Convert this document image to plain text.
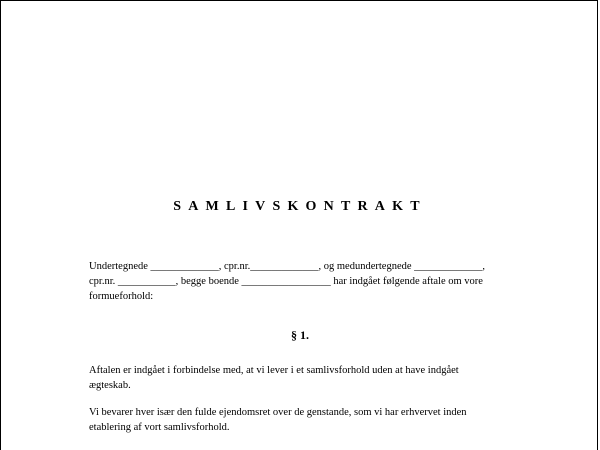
SAMLIVSKONTRAKT

Undertegnede _____________, cpr.nr._____________, og medundertegnede _____________,
cpr.nr. ___________, begge boende _________________ har indgået følgende aftale om vore
formueforhold:

§ 1.

Aftalen er indgået i forbindelse med, at vi lever i et samlivsforhold uden at have indgået
ægteskab.

Vi bevarer hver især den fulde ejendomsret over de genstande, som vi har erhvervet inden
etablering af vort samlivsforhold.
